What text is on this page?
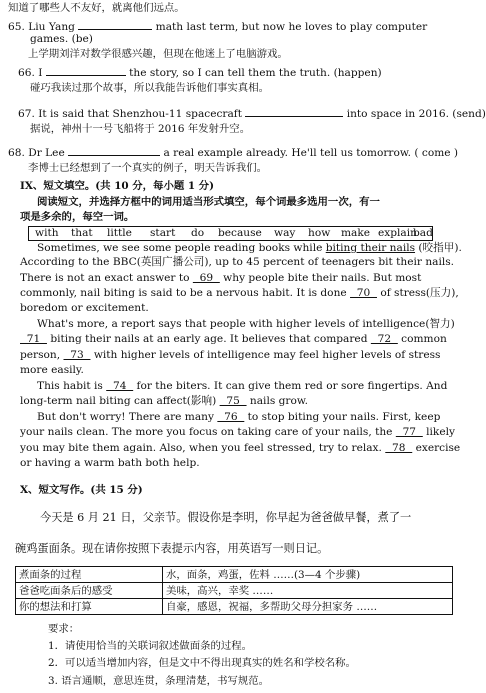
知道了哪些人不友好，就离他们远点。
65. Liu Yang	math last term, but now he loves to play computer
games. (be)
上学期刘洋对数学很感兴趣，但现在他迷上了电脑游戏。
66. I	the story, so I can tell them the truth. (happen)
碰巧我读过那个故事，所以我能告诉他们事实真相。
67. It is said that Shenzhou-11 spacecraft	into space in 2016. (send)
据说，神州十一号飞船将于 2016 年发射升空。
68. Dr Lee	a real example already. He'll tell us tomorrow. ( come )
李博士已经想到了一个真实的例子，明天告诉我们。
IX、短文填空。(共 10 分，每小题 1 分)
阅读短文，并选择方框中的词用适当形式填空，每个词最多选用一次，有一
项是多余的，每空一词。
with that little start do because way how make explain
bad
Sometimes, we see some people reading books while biting their nails (咬指甲).
According to the BBC(英国广播公司), up to 45 percent of teenagers bit their nails.
There is not an exact answer to   69   why people bite their nails. But most
commonly, nail biting is said to be a nervous habit. It is done   70   of stress(压力),
boredom or excitement.
What's more, a report says that people with higher levels of intelligence(智力)
71   biting their nails at an early age. It believes that compared   72   common
person,   73   with higher levels of intelligence may feel higher levels of stress
more easily.
This habit is   74   for the biters. It can give them red or sore fingertips. And
long-term nail biting can affect(影响)   75   nails grow.
But don't worry! There are many   76   to stop biting your nails. First, keep
your nails clean. The more you focus on taking care of your nails, the   77   likely
you may bite them again. Also, when you feel stressed, try to relax.   78   exercise
or having a warm bath both help.
X、短文写作。(共 15 分)
今天是 6 月 21 日，父亲节。假设你是李明，你早起为爸爸做早餐，煮了一
碗鸡蛋面条。现在请你按照下表提示内容，用英语写一则日记。
煮面条的过程	水，面条，鸡蛋，佐料 ……(3—4 个步骤)
爸爸吃面条后的感受	美味，高兴，幸奖 ……
你的想法和打算	自豪，感恩，祝福，多帮助父母分担家务 ……
要求：
1．请使用恰当的关联词叙述做面条的过程。
2．可以适当增加内容，但是文中不得出现真实的姓名和学校名称。
3. 语言通顺，意思连贯，条理清楚，书写规范。
